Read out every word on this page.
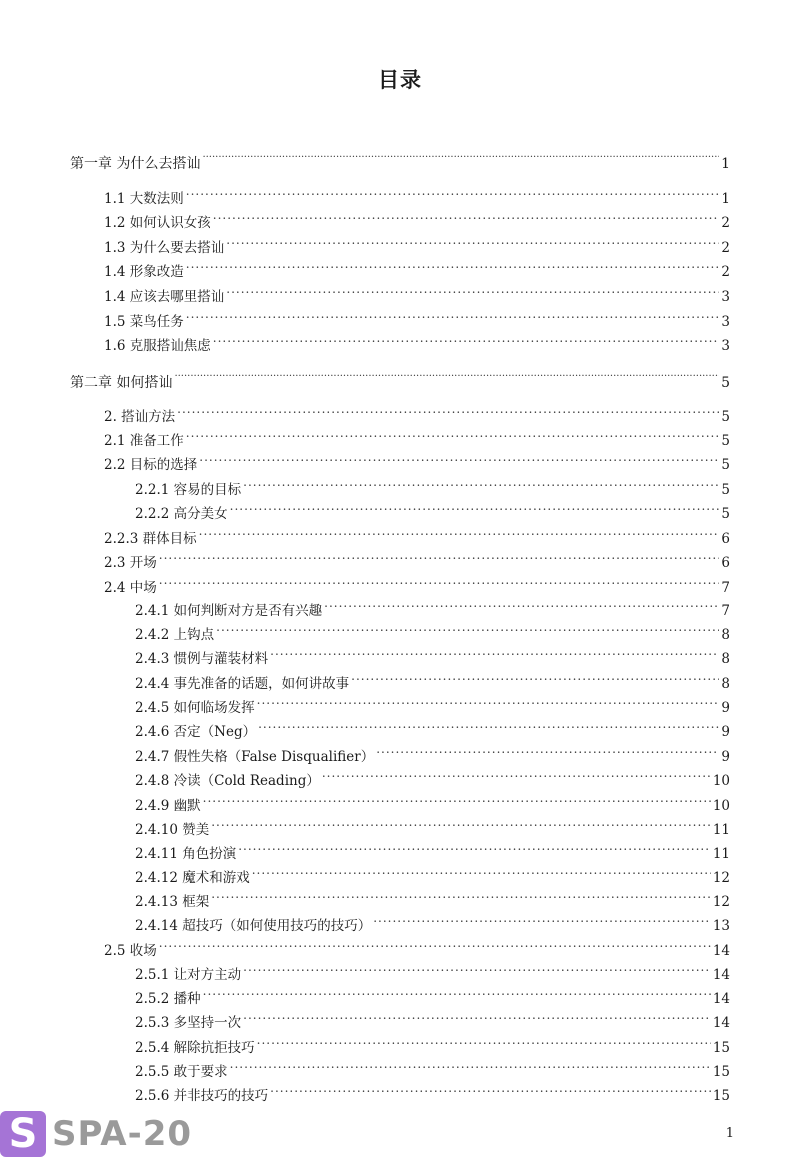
目录
第一章 为什么去搭讪 .....	1
1.1 大数法则 .....	1
1.2 如何认识女孩 .....	2
1.3 为什么要去搭讪 .....	2
1.4 形象改造 .....	2
1.4 应该去哪里搭讪 .....	3
1.5 菜鸟任务 .....	3
1.6 克服搭讪焦虑 .....	3
第二章 如何搭讪 .....	5
2. 搭讪方法 .....	5
2.1 准备工作 .....	5
2.2 目标的选择 .....	5
2.2.1 容易的目标 .....	5
2.2.2 高分美女 .....	5
2.2.3 群体目标 .....	6
2.3 开场 .....	6
2.4 中场 .....	7
2.4.1 如何判断对方是否有兴趣 .....	7
2.4.2 上钩点 .....	8
2.4.3 惯例与灌装材料 .....	8
2.4.4 事先准备的话题，如何讲故事 .....	8
2.4.5 如何临场发挥 .....	9
2.4.6 否定（Neg） .....	9
2.4.7 假性失格（False Disqualifier） .....	9
2.4.8 冷读（Cold Reading） .....	10
2.4.9 幽默 .....	10
2.4.10 赞美 .....	11
2.4.11 角色扮演 .....	11
2.4.12 魔术和游戏 .....	12
2.4.13 框架 .....	12
2.4.14 超技巧（如何使用技巧的技巧） .....	13
2.5 收场 .....	14
2.5.1 让对方主动 .....	14
2.5.2 播种 .....	14
2.5.3 多坚持一次 .....	14
2.5.4 解除抗拒技巧 .....	15
2.5.5 敢于要求 .....	15
2.5.6 并非技巧的技巧 .....	15
1
S SPA-20
